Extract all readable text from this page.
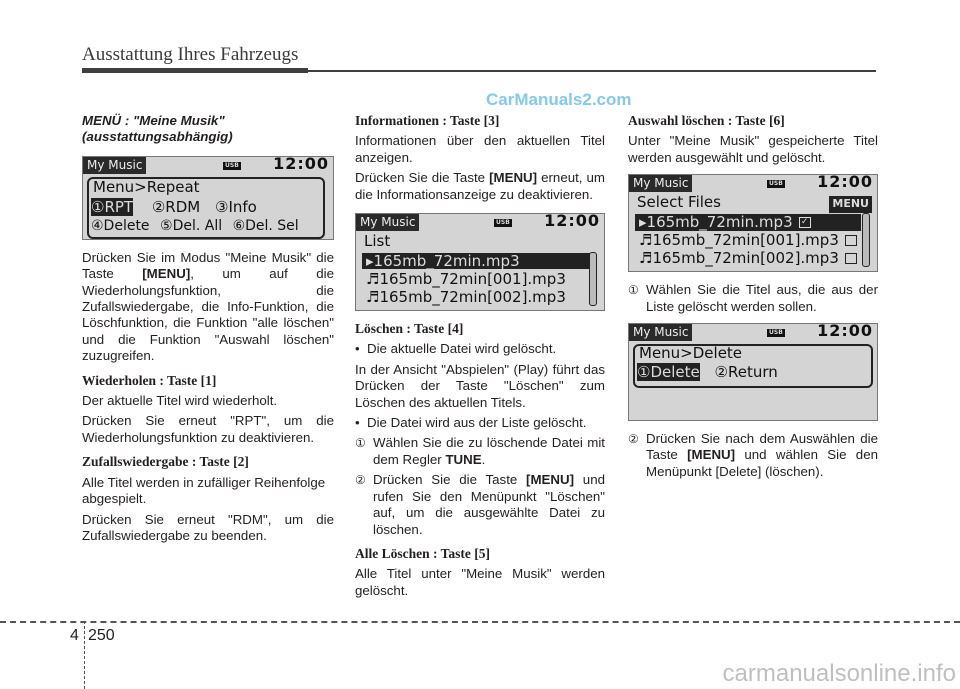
Ausstattung Ihres Fahrzeugs
CarManuals2.com
MENÜ : "Meine Musik"
(ausstattungsabhängig)
My Music	USB 12:00
Menu>Repeat
①RPT ②RDM ③Info
④Delete ⑤Del. All ⑥Del. Sel

Drücken Sie im Modus "Meine Musik" die Taste [MENU], um auf die Wiederholungsfunktion, die Zufallswiedergabe, die Info-Funktion, die Löschfunktion, die Funktion "alle löschen" und die Funktion "Auswahl löschen" zuzugreifen.

Wiederholen : Taste [1]

Der aktuelle Titel wird wiederholt.

Drücken Sie erneut "RPT", um die Wiederholungsfunktion zu deaktivieren.

Zufallswiedergabe : Taste [2]

Alle Titel werden in zufälliger Reihenfolge abgespielt.

Drücken Sie erneut "RDM", um die Zufallswiedergabe zu beenden.

Informationen : Taste [3]

Informationen über den aktuellen Titel anzeigen.

Drücken Sie die Taste [MENU] erneut, um die Informationsanzeige zu deaktivieren.

My Music	USB 12:00
List
▸165mb_72min.mp3
♬165mb_72min[001].mp3
♬165mb_72min[002].mp3
Löschen : Taste [4]
• Die aktuelle Datei wird gelöscht.

In der Ansicht "Abspielen" (Play) führt das Drücken der Taste "Löschen" zum Löschen des aktuellen Titels.

• Die Datei wird aus der Liste gelöscht.
① Wählen Sie die zu löschende Datei mit dem Regler TUNE.
② Drücken Sie die Taste [MENU] und rufen Sie den Menüpunkt "Löschen" auf, um die ausgewählte Datei zu löschen.
Alle Löschen : Taste [5]

Alle Titel unter "Meine Musik" werden gelöscht.

Auswahl löschen : Taste [6]

Unter "Meine Musik" gespeicherte Titel werden ausgewählt und gelöscht.

My Music	USB 12:00
Select Files	MENU
▸165mb_72min.mp3 ✓
♬165mb_72min[001].mp3
♬165mb_72min[002].mp3
① Wählen Sie die Titel aus, die aus der Liste gelöscht werden sollen.
My Music	USB 12:00
Menu>Delete
①Delete ②Return
② Drücken Sie nach dem Auswählen die Taste [MENU] und wählen Sie den Menüpunkt [Delete] (löschen).
4 250
carmanualsonline.info
